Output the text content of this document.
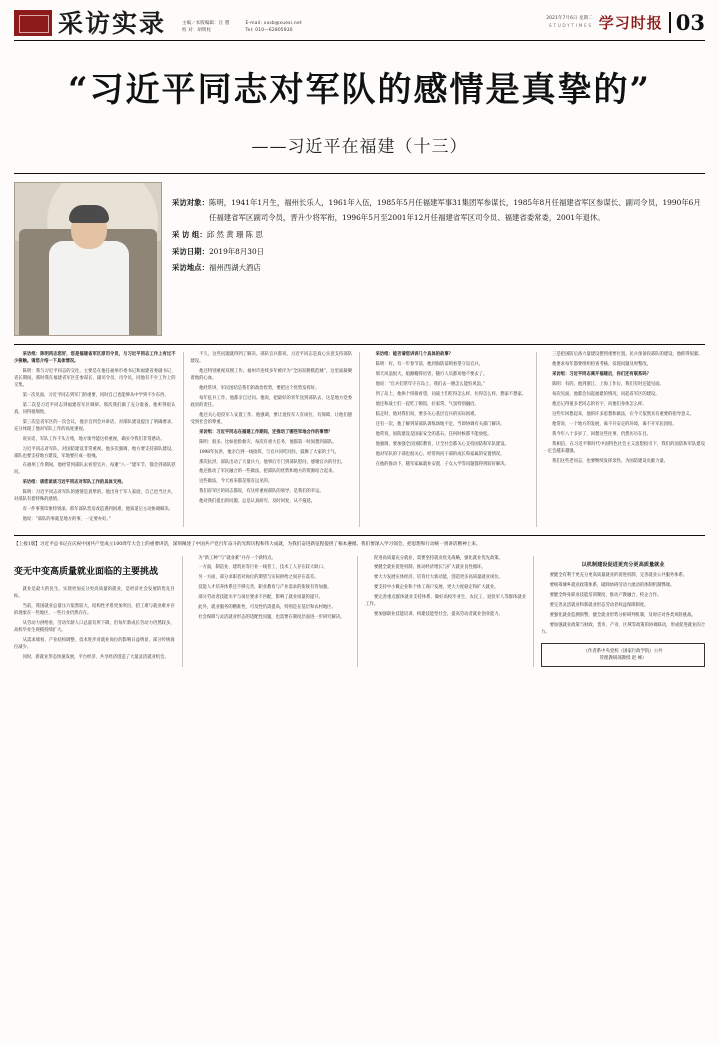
采访实录	主编／本版编辑：汪 曌
校 对：胡明柱
E-mail: xxsb@xuexi.net
Tel: 010—62805930
2021年7月6日 星期二
STUDYTIMES 学习时报 03
“习近平同志对军队的感情是真挚的”
——习近平在福建（十三）
采访对象： 陈明，1941年1月生，福州长乐人，1961年入伍，1985年5月任福建军事31集团军参谋长，1985年8月任福建省军区参谋长、副司令员，1990年6月任福建省军区副司令员，晋升少将军衔，1996年5月至2001年12月任福建省军区司令员、福建省委常委，2001年退休。
采 访 组： 邱 然 黄 珊 陈 思
采访日期： 2019年8月30日
采访地点： 福州西湖大酒店

采访组：陈明同志您好，您是福建省军区原司令员，与习近平同志工作上有过不少接触。请您介绍一下具体情况。

陈明：我与习近平同志的交往，主要是在他任福州市委书记和福建省委副书记、省长期间。那时我在福建省军区任参谋长、副司令员、司令员，同他有不少工作上的交集。

第一次见面，习近平同志到军门的重要，同时自己也能够从中学到不少东西。

第二次是习近平同志到福建省军区调研。那次我们做了充分准备，他听得很认真，问得很细致。

第三次是省军区的一次会议，他亲自到会并讲话，对部队建设提出了明确要求，充分体现了他对军队工作的高度重视。

说实话，军队工作千头万绪，地方领导能这样重视，确实令我们非常感动。

习近平同志对军队、对国防建设非常重视。他多次强调，地方要支持部队建设，部队也要支持地方建设，军地要拧成一股绳。

在福州工作期间，他经常到部队去看望官兵，每逢“八一”建军节，都会到部队慰问。

采访组：请您谈谈习近平同志对军队工作的具体支持。

陈明：习近平同志对军队的感情是真挚的。他出身于军人家庭，自己也当过兵，对部队有着特殊的感情。

有一件事我印象特别深。那年部队营房改造遇到困难，他知道后主动协调解决。

他说：“部队的事就是地方的事，一定要办好。”

不久，这些问题就得到了解决。部队官兵都说，习近平同志是真心实意支持部队建设。

他还特别重视双拥工作。福州市连续多年被评为“全国双拥模范城”，这里面凝聚着他的心血。

他经常讲，军民团结是我们的政治优势，要把这个优势发挥好。

每年征兵工作，他都亲自过问。他说，把最好的青年送到部队去，这是地方党委政府的责任。

他还关心退役军人安置工作。他强调，要让退役军人有岗位、有保障，让他们感受到社会的尊重。

采访组：习近平同志在福建工作期间，还推动了哪些军地合作的事情？

陈明：很多。比如抢险救灾，每次有重大任务，他都第一时间想到部队。

1998年抗洪，他亲自到一线指挥，与官兵同吃同住，鼓舞了大家的士气。

那次抗洪，部队出动了大量兵力，他事后专门到部队慰问，感谢官兵的付出。

他还推动了军民融合的一些做法，把部队的优势和地方的资源结合起来。

这些做法，今天看来都是很有远见的。

我们省军区的同志都说，有这样重视部队的领导，是我们的幸运。

他对我们提出的问题，总是认真研究、及时回复，从不拖延。

采访组：能否请您讲讲几个具体的故事？

陈明：好。有一年春节前，他到海防前哨看望守岛官兵。

那天风浪很大，船颠簸得厉害，随行人员都劝他不要去了。

他说：“官兵们常年守在岛上，我们去一趟怎么能怕风浪。”

到了岛上，他挨个班排看望，问战士们吃得怎么样、住得怎么样、想家不想家。

他还和战士们一起吃了顿饭，拉家常，气氛特别融洽。

临走时，他对我们说，要多关心基层官兵的实际困难。

还有一次，他了解到某部队训练场地不足，当即协调有关部门解决。

他常说，国防建设是国家安全的基石，任何时候都不能放松。

他强调，要加强全民国防教育，让全社会都关心支持国防和军队建设。

他对军队的干部也很关心，经常询问干部的成长和家属的安置情况。

在他的推动下，随军家属就业安置、子女入学等问题都得到较好解决。

三是把国防后备力量建设摆到重要位置。民兵预备役部队的建设，他抓得很紧。

他要求每年都要组织检查考核，发现问题及时整改。

采访组：习近平同志离开福建后，你们还有联系吗？

陈明：有的。他到浙江、上海工作后，我们有时还能见面。

每次见面，他都会问起福建的情况，问起省军区的建设。

他还记得很多老同志的名字，问他们身体怎么样。

这些年回想起来，他的许多思想和做法，在今天依然具有重要的指导意义。

他常说，一个地方的发展，离不开安定的环境，离不开军民团结。

我今年八十多岁了，回想这些往事，仍然历历在目。

我相信，在习近平新时代中国特色社会主义思想指引下，我们的国防和军队建设一定会越来越强。

我们这些老同志，也要继续发挥余热，为国防建设贡献力量。

【上接1版】习近平总书记在庆祝中国共产党成立100周年大会上的重要讲话，深刻阐述了中国共产党百年奋斗的光辉历程和伟大成就，为我们奋进新征程提供了根本遵循。我们要深入学习领会，把思想和行动统一到讲话精神上来。
变无中变高质量就业面临的主要挑战

就业是最大的民生。实现更加充分更高质量的就业，是经济社会发展的优先目标。

当前，我国就业总量压力依然较大，结构性矛盾更加突出，招工难与就业难并存的现象在一些地区、一些行业仍然存在。

从劳动力供给看，劳动年龄人口总量有所下降，但每年新成长劳动力仍然较多，高校毕业生规模持续扩大。

从需求端看，产业结构调整、技术进步对就业岗位的影响日益明显，部分传统岗位减少。

同时，新就业形态快速发展，平台经济、共享经济创造了大量灵活就业机会。

为“新工种”与“就业难”并存一个新特点。

一方面，制造业、建筑业等行业一线普工、技术工人存在较大缺口。

另一方面，部分求职者对岗位的期望与实际供给之间存在落差。

技能人才培养体系还不够完善，职业教育与产业需求的衔接有待加强。

部分劳动者技能水平与岗位要求不匹配，影响了就业质量的提升。

此外，就业服务的精准性、可及性仍需提高，特别是在基层和农村地区。

社会保障与灵活就业形态的适配性问题，也需要在制度层面进一步研究解决。

促进高质量充分就业，需要坚持就业优先战略，强化就业优先政策。

要健全就业促进机制，推动经济增长与扩大就业良性循环。

要大力发展实体经济，培育壮大新动能，创造更多高质量就业岗位。

要支持中小微企业和个体工商户发展，更大力度稳定和扩大就业。

要完善重点群体就业支持体系，做好高校毕业生、农民工、退役军人等群体就业工作。

要加强职业技能培训，构建技能型社会，提高劳动者就业创业能力。

以机制建设促进更充分更高质量就业

要健全有利于更充分更高质量就业的促进机制，完善就业公共服务体系。

要统筹城乡就业政策体系，破除妨碍劳动力流动的体制机制弊端。

要健全终身职业技能培训制度，推动产教融合、校企合作。

要完善灵活就业和新就业形态劳动者权益保障制度。

要强化就业监测预警，健全就业形势分析研判机制，及时应对各类风险挑战。

要加强就业政策与财政、货币、产业、区域等政策的协调联动，形成促进就业的合力。

（作者系中央党校（国家行政学院）公共
管理教研部教授 赵 峰）
